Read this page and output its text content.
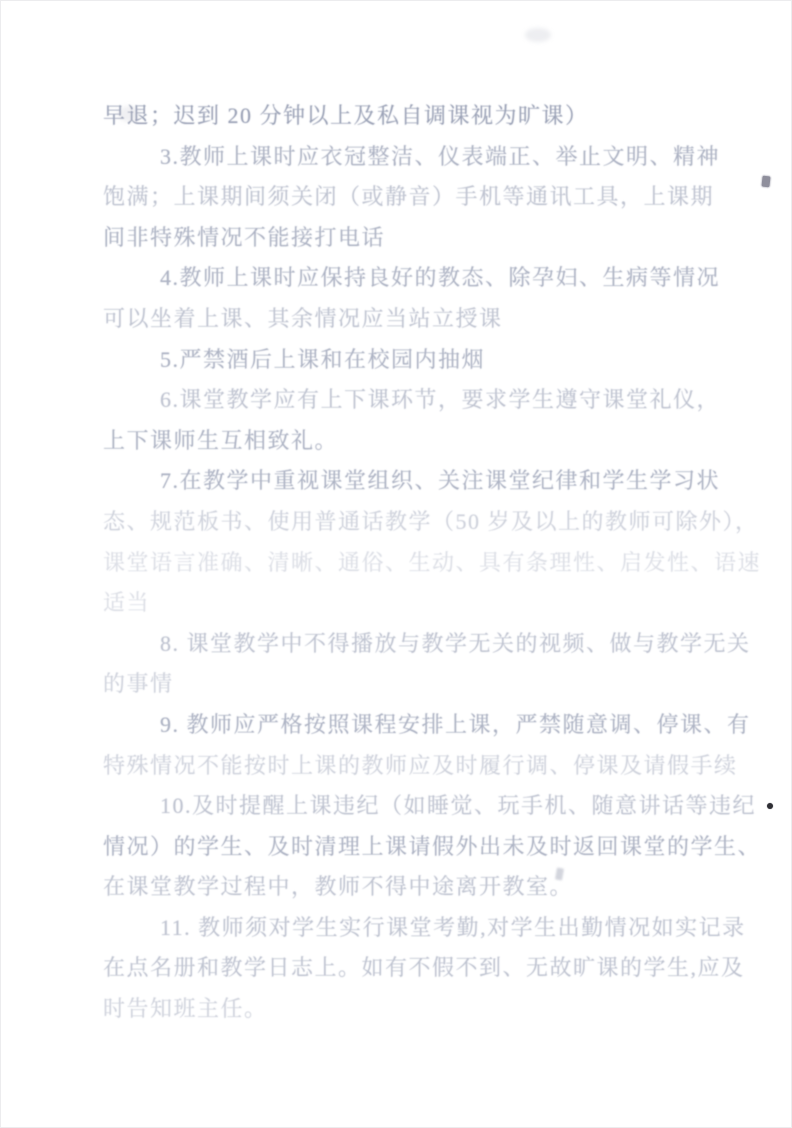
早退；迟到 20 分钟以上及私自调课视为旷课）
3.教师上课时应衣冠整洁、仪表端正、举止文明、精神
饱满；上课期间须关闭（或静音）手机等通讯工具，上课期
间非特殊情况不能接打电话
4.教师上课时应保持良好的教态、除孕妇、生病等情况
可以坐着上课、其余情况应当站立授课
5.严禁酒后上课和在校园内抽烟
6.课堂教学应有上下课环节，要求学生遵守课堂礼仪，
上下课师生互相致礼。
7.在教学中重视课堂组织、关注课堂纪律和学生学习状
态、规范板书、使用普通话教学（50 岁及以上的教师可除外），
课堂语言准确、清晰、通俗、生动、具有条理性、启发性、语速
适当
8. 课堂教学中不得播放与教学无关的视频、做与教学无关
的事情
9. 教师应严格按照课程安排上课，严禁随意调、停课、有
特殊情况不能按时上课的教师应及时履行调、停课及请假手续
10.及时提醒上课违纪（如睡觉、玩手机、随意讲话等违纪
情况）的学生、及时清理上课请假外出未及时返回课堂的学生、
在课堂教学过程中，教师不得中途离开教室。
11. 教师须对学生实行课堂考勤,对学生出勤情况如实记录
在点名册和教学日志上。如有不假不到、无故旷课的学生,应及
时告知班主任。
